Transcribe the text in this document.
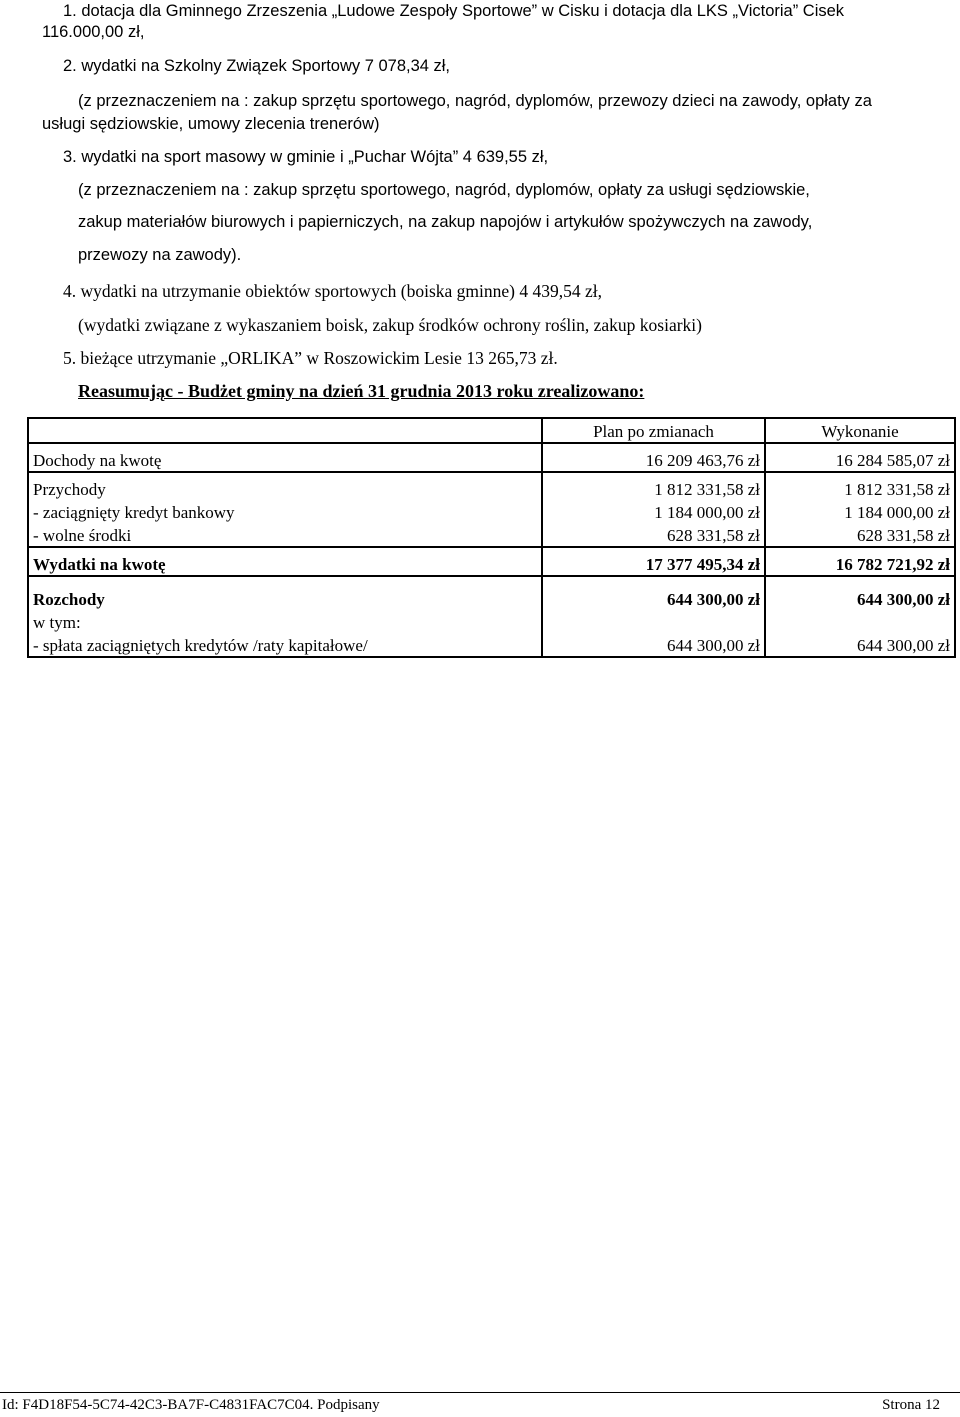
1. dotacja dla Gminnego Zrzeszenia „Ludowe Zespoły Sportowe” w Cisku i dotacja dla LKS „Victoria” Cisek
116.000,00 zł,
2. wydatki na Szkolny Związek Sportowy 7 078,34 zł,
(z przeznaczeniem na : zakup sprzętu sportowego, nagród, dyplomów, przewozy dzieci na zawody, opłaty za
usługi sędziowskie, umowy zlecenia trenerów)
3. wydatki na sport masowy w gminie i „Puchar Wójta” 4 639,55 zł,
(z przeznaczeniem na : zakup sprzętu sportowego, nagród, dyplomów, opłaty za usługi sędziowskie,
zakup materiałów biurowych i papierniczych, na zakup napojów i artykułów spożywczych na zawody,
przewozy na zawody).
4. wydatki na utrzymanie obiektów sportowych (boiska gminne) 4 439,54 zł,
(wydatki związane z wykaszaniem boisk, zakup środków ochrony roślin, zakup kosiarki)
5. bieżące utrzymanie „ORLIKA” w Roszowickim Lesie 13 265,73 zł.
Reasumując - Budżet gminy na dzień 31 grudnia 2013 roku zrealizowano:
	Plan po zmianach	Wykonanie
Dochody na kwotę	16 209 463,76 zł	16 284 585,07 zł
Przychody	1 812 331,58 zł	1 812 331,58 zł
- zaciągnięty kredyt bankowy	1 184 000,00 zł	1 184 000,00 zł
- wolne środki	628 331,58 zł	628 331,58 zł
Wydatki na kwotę	17 377 495,34 zł	16 782 721,92 zł
Rozchody	644 300,00 zł	644 300,00 zł
w tym:		
- spłata zaciągniętych kredytów /raty kapitałowe/	644 300,00 zł	644 300,00 zł
Id: F4D18F54-5C74-42C3-BA7F-C4831FAC7C04. Podpisany	Strona 12
